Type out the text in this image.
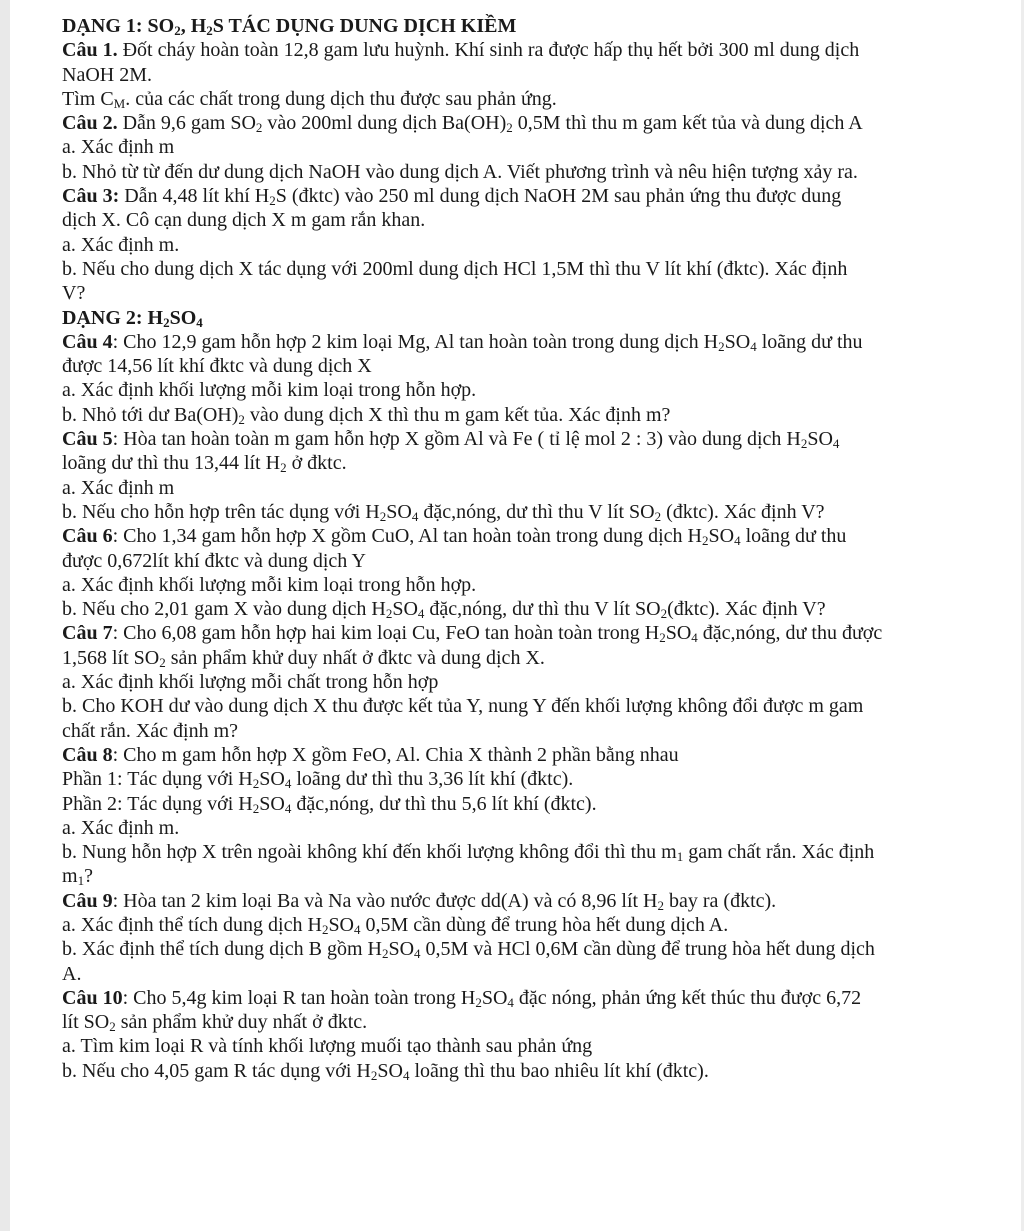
DẠNG 1: $SO_2$, $H_2S$ TÁC DỤNG DUNG DỊCH KIỀM
Câu 1. Đốt cháy hoàn toàn 12,8 gam lưu huỳnh. Khí sinh ra được hấp thụ hết bởi 300 ml dung dịch
NaOH 2M.
Tìm $C_M$. của các chất trong dung dịch thu được sau phản ứng.
Câu 2. Dẫn 9,6 gam $SO_2$ vào 200ml dung dịch $Ba(OH)_2$ 0,5M thì thu m gam kết tủa và dung dịch A
a. Xác định m
b. Nhỏ từ từ đến dư dung dịch NaOH vào dung dịch A. Viết phương trình và nêu hiện tượng xảy ra.
Câu 3: Dẫn 4,48 lít khí $H_2S$ (đktc) vào 250 ml dung dịch NaOH 2M sau phản ứng thu được dung
dịch X. Cô cạn dung dịch X m gam rắn khan.
a. Xác định m.
b. Nếu cho dung dịch X tác dụng với 200ml dung dịch HCl 1,5M thì thu V lít khí (đktc). Xác định
V?
DẠNG 2: $H_2SO_4$
Câu 4: Cho 12,9 gam hỗn hợp 2 kim loại Mg, Al tan hoàn toàn trong dung dịch $H_2SO_4$ loãng dư thu
được 14,56 lít khí đktc và dung dịch X
a. Xác định khối lượng mỗi kim loại trong hỗn hợp.
b. Nhỏ tới dư $Ba(OH)_2$ vào dung dịch X thì thu m gam kết tủa. Xác định m?
Câu 5: Hòa tan hoàn toàn m gam hỗn hợp X gồm Al và Fe ( tỉ lệ mol 2 : 3) vào dung dịch $H_2SO_4$
loãng dư thì thu 13,44 lít $H_2$ ở đktc.
a. Xác định m
b. Nếu cho hỗn hợp trên tác dụng với $H_2SO_4$ đặc,nóng, dư thì thu V lít $SO_2$ (đktc). Xác định V?
Câu 6: Cho 1,34 gam hỗn hợp X gồm CuO, Al tan hoàn toàn trong dung dịch $H_2SO_4$ loãng dư thu
được 0,672lít khí đktc và dung dịch Y
a. Xác định khối lượng mỗi kim loại trong hỗn hợp.
b. Nếu cho 2,01 gam X vào dung dịch $H_2SO_4$ đặc,nóng, dư thì thu V lít $SO_2(đktc)$. Xác định V?
Câu 7: Cho 6,08 gam hỗn hợp hai kim loại Cu, FeO tan hoàn toàn trong $H_2SO_4$ đặc,nóng, dư thu được
1,568 lít $SO_2$ sản phẩm khử duy nhất ở đktc và dung dịch X.
a. Xác định khối lượng mỗi chất trong hỗn hợp
b. Cho KOH dư vào dung dịch X thu được kết tủa Y, nung Y đến khối lượng không đổi được m gam
chất rắn. Xác định m?
Câu 8: Cho m gam hỗn hợp X gồm FeO, Al. Chia X thành 2 phần bằng nhau
Phần 1: Tác dụng với $H_2SO_4$ loãng dư thì thu 3,36 lít khí (đktc).
Phần 2: Tác dụng với $H_2SO_4$ đặc,nóng, dư thì thu 5,6 lít khí (đktc).
a. Xác định m.
b. Nung hỗn hợp X trên ngoài không khí đến khối lượng không đổi thì thu $m_1$ gam chất rắn. Xác định
$m_1$?
Câu 9: Hòa tan 2 kim loại Ba và Na vào nước được dd(A) và có 8,96 lít $H_2$ bay ra (đktc).
a. Xác định thể tích dung dịch $H_2SO_4$ 0,5M cần dùng để trung hòa hết dung dịch A.
b. Xác định thể tích dung dịch B gồm $H_2SO_4$ 0,5M và HCl 0,6M cần dùng để trung hòa hết dung dịch
A.
Câu 10: Cho 5,4g kim loại R tan hoàn toàn trong $H_2SO_4$ đặc nóng, phản ứng kết thúc thu được 6,72
lít $SO_2$ sản phẩm khử duy nhất ở đktc.
a. Tìm kim loại R và tính khối lượng muối tạo thành sau phản ứng
b. Nếu cho 4,05 gam R tác dụng với $H_2SO_4$ loãng thì thu bao nhiêu lít khí (đktc).
